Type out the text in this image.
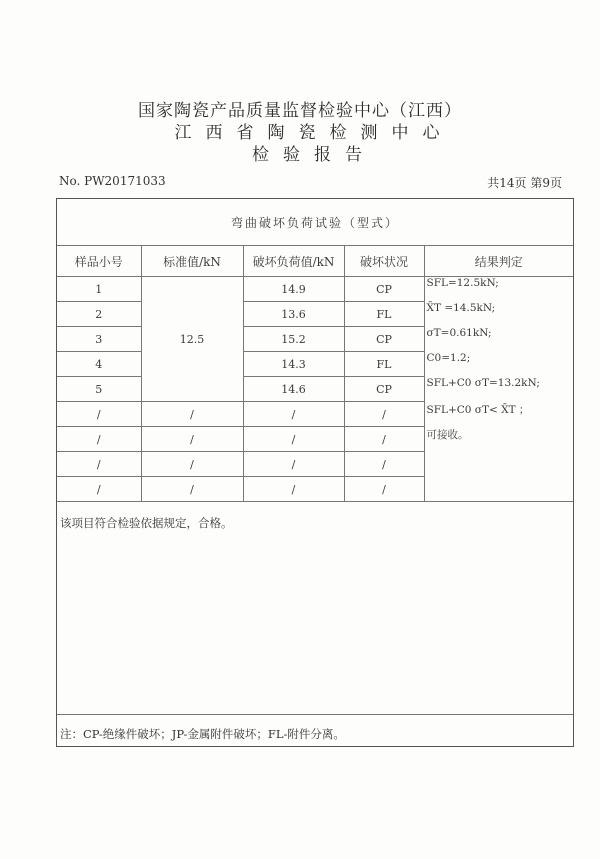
国家陶瓷产品质量监督检验中心（江西）
江西省陶瓷检测中心
检验报告
No. PW20171033	共14页 第9页
弯曲破坏负荷试验（型式）				
样品小号	标准值/kN	破坏负荷值/kN	破坏状况	结果判定
1	12.5	14.9	CP	SFL=12.5kN;
2		13.6	FL	X̄T =14.5kN;
3		15.2	CP	σT=0.61kN;
4		14.3	FL	C0=1.2;
5		14.6	CP	SFL+C0 σT=13.2kN;
/	/	/	/	SFL+C0 σT< X̄T ；
/	/	/	/	可接收。
/	/	/	/	
/	/	/	/	
该项目符合检验依据规定，合格。
注：CP-绝缘件破坏；JP-金属附件破坏；FL-附件分离。
